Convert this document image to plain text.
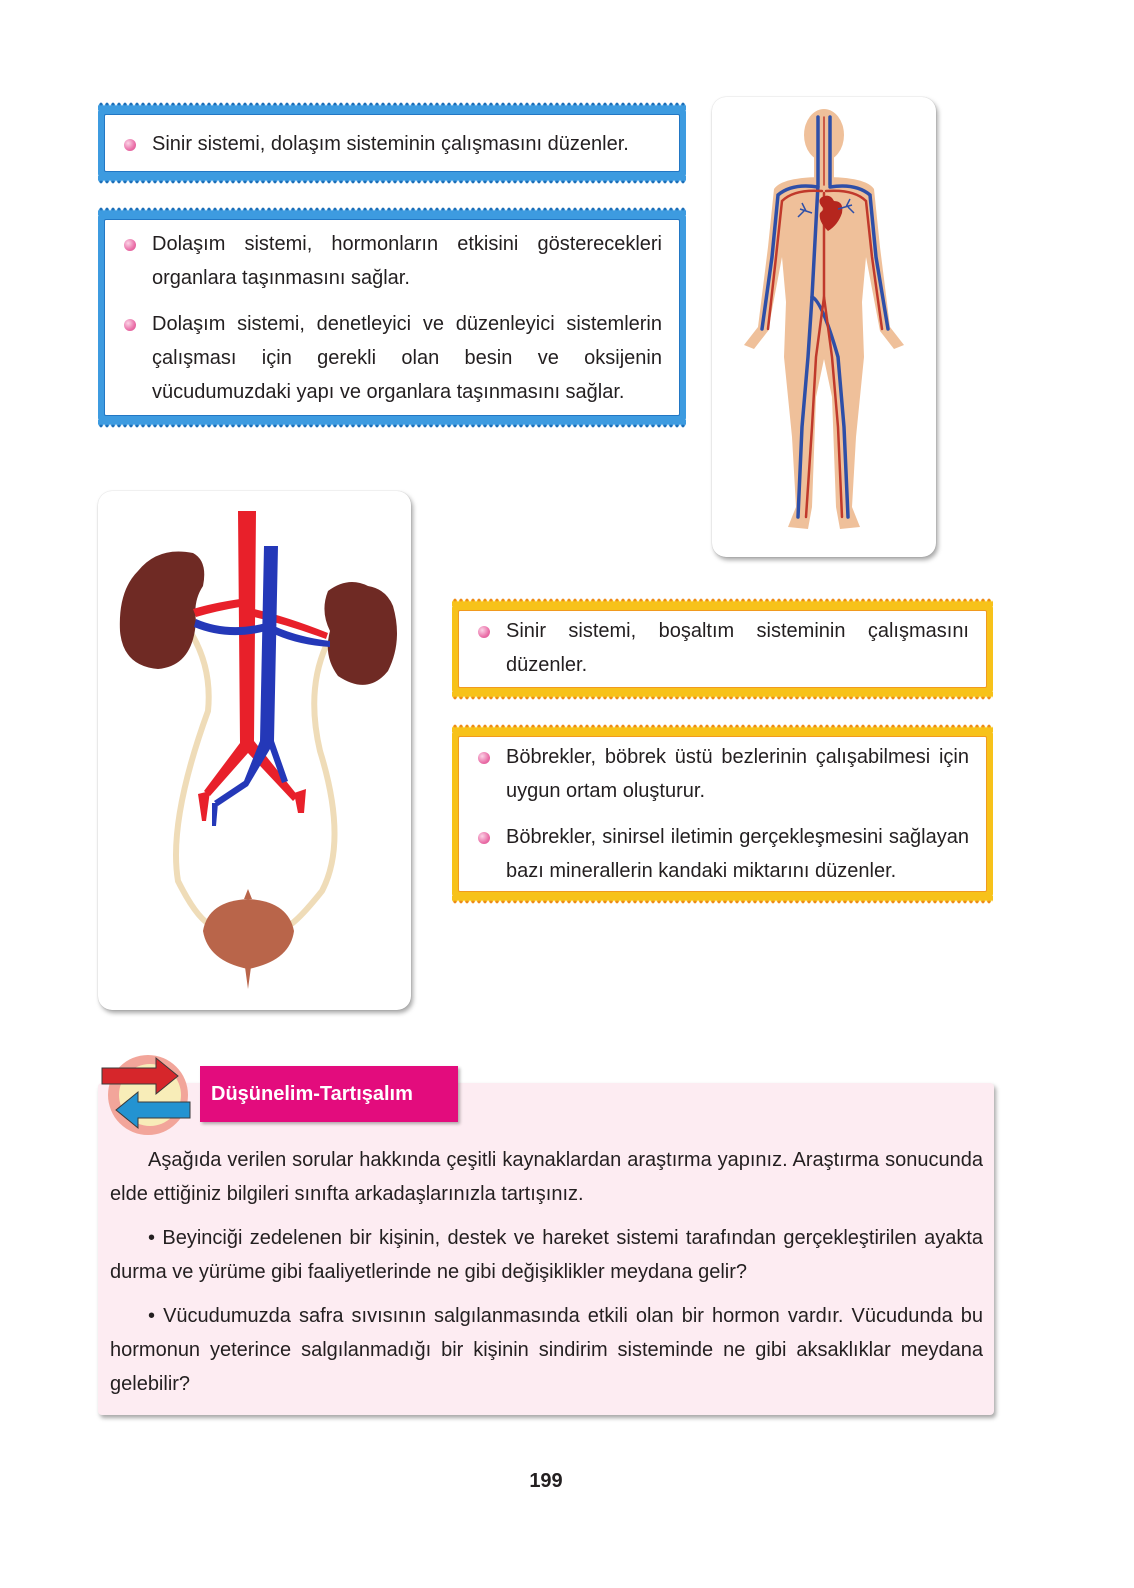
Sinir sistemi, dolaşım sisteminin çalışmasını düzenler.
Dolaşım sistemi, hormonların etkisini gösterecekleri organlara taşınmasını sağlar.
Dolaşım sistemi, denetleyici ve düzenleyici sistemlerin çalışması için gerekli olan besin ve oksijenin vücudumuzdaki yapı ve organlara taşınmasını sağlar.
Sinir sistemi, boşaltım sisteminin çalışmasını düzenler.
Böbrekler, böbrek üstü bezlerinin çalışabilmesi için uygun ortam oluşturur.
Böbrekler, sinirsel iletimin gerçekleşmesini sağlayan bazı minerallerin kandaki miktarını düzenler.
Düşünelim-Tartışalım

Aşağıda verilen sorular hakkında çeşitli kaynaklardan araştırma yapınız. Araştırma sonucunda elde ettiğiniz bilgileri sınıfta arkadaşlarınızla tartışınız.

• Beyinciği zedelenen bir kişinin, destek ve hareket sistemi tarafından gerçekleştirilen ayakta durma ve yürüme gibi faaliyetlerinde ne gibi değişiklikler meydana gelir?

• Vücudumuzda safra sıvısının salgılanmasında etkili olan bir hormon vardır. Vücudunda bu hormonun yeterince salgılanmadığı bir kişinin sindirim sisteminde ne gibi aksaklıklar meydana gelebilir?

199
